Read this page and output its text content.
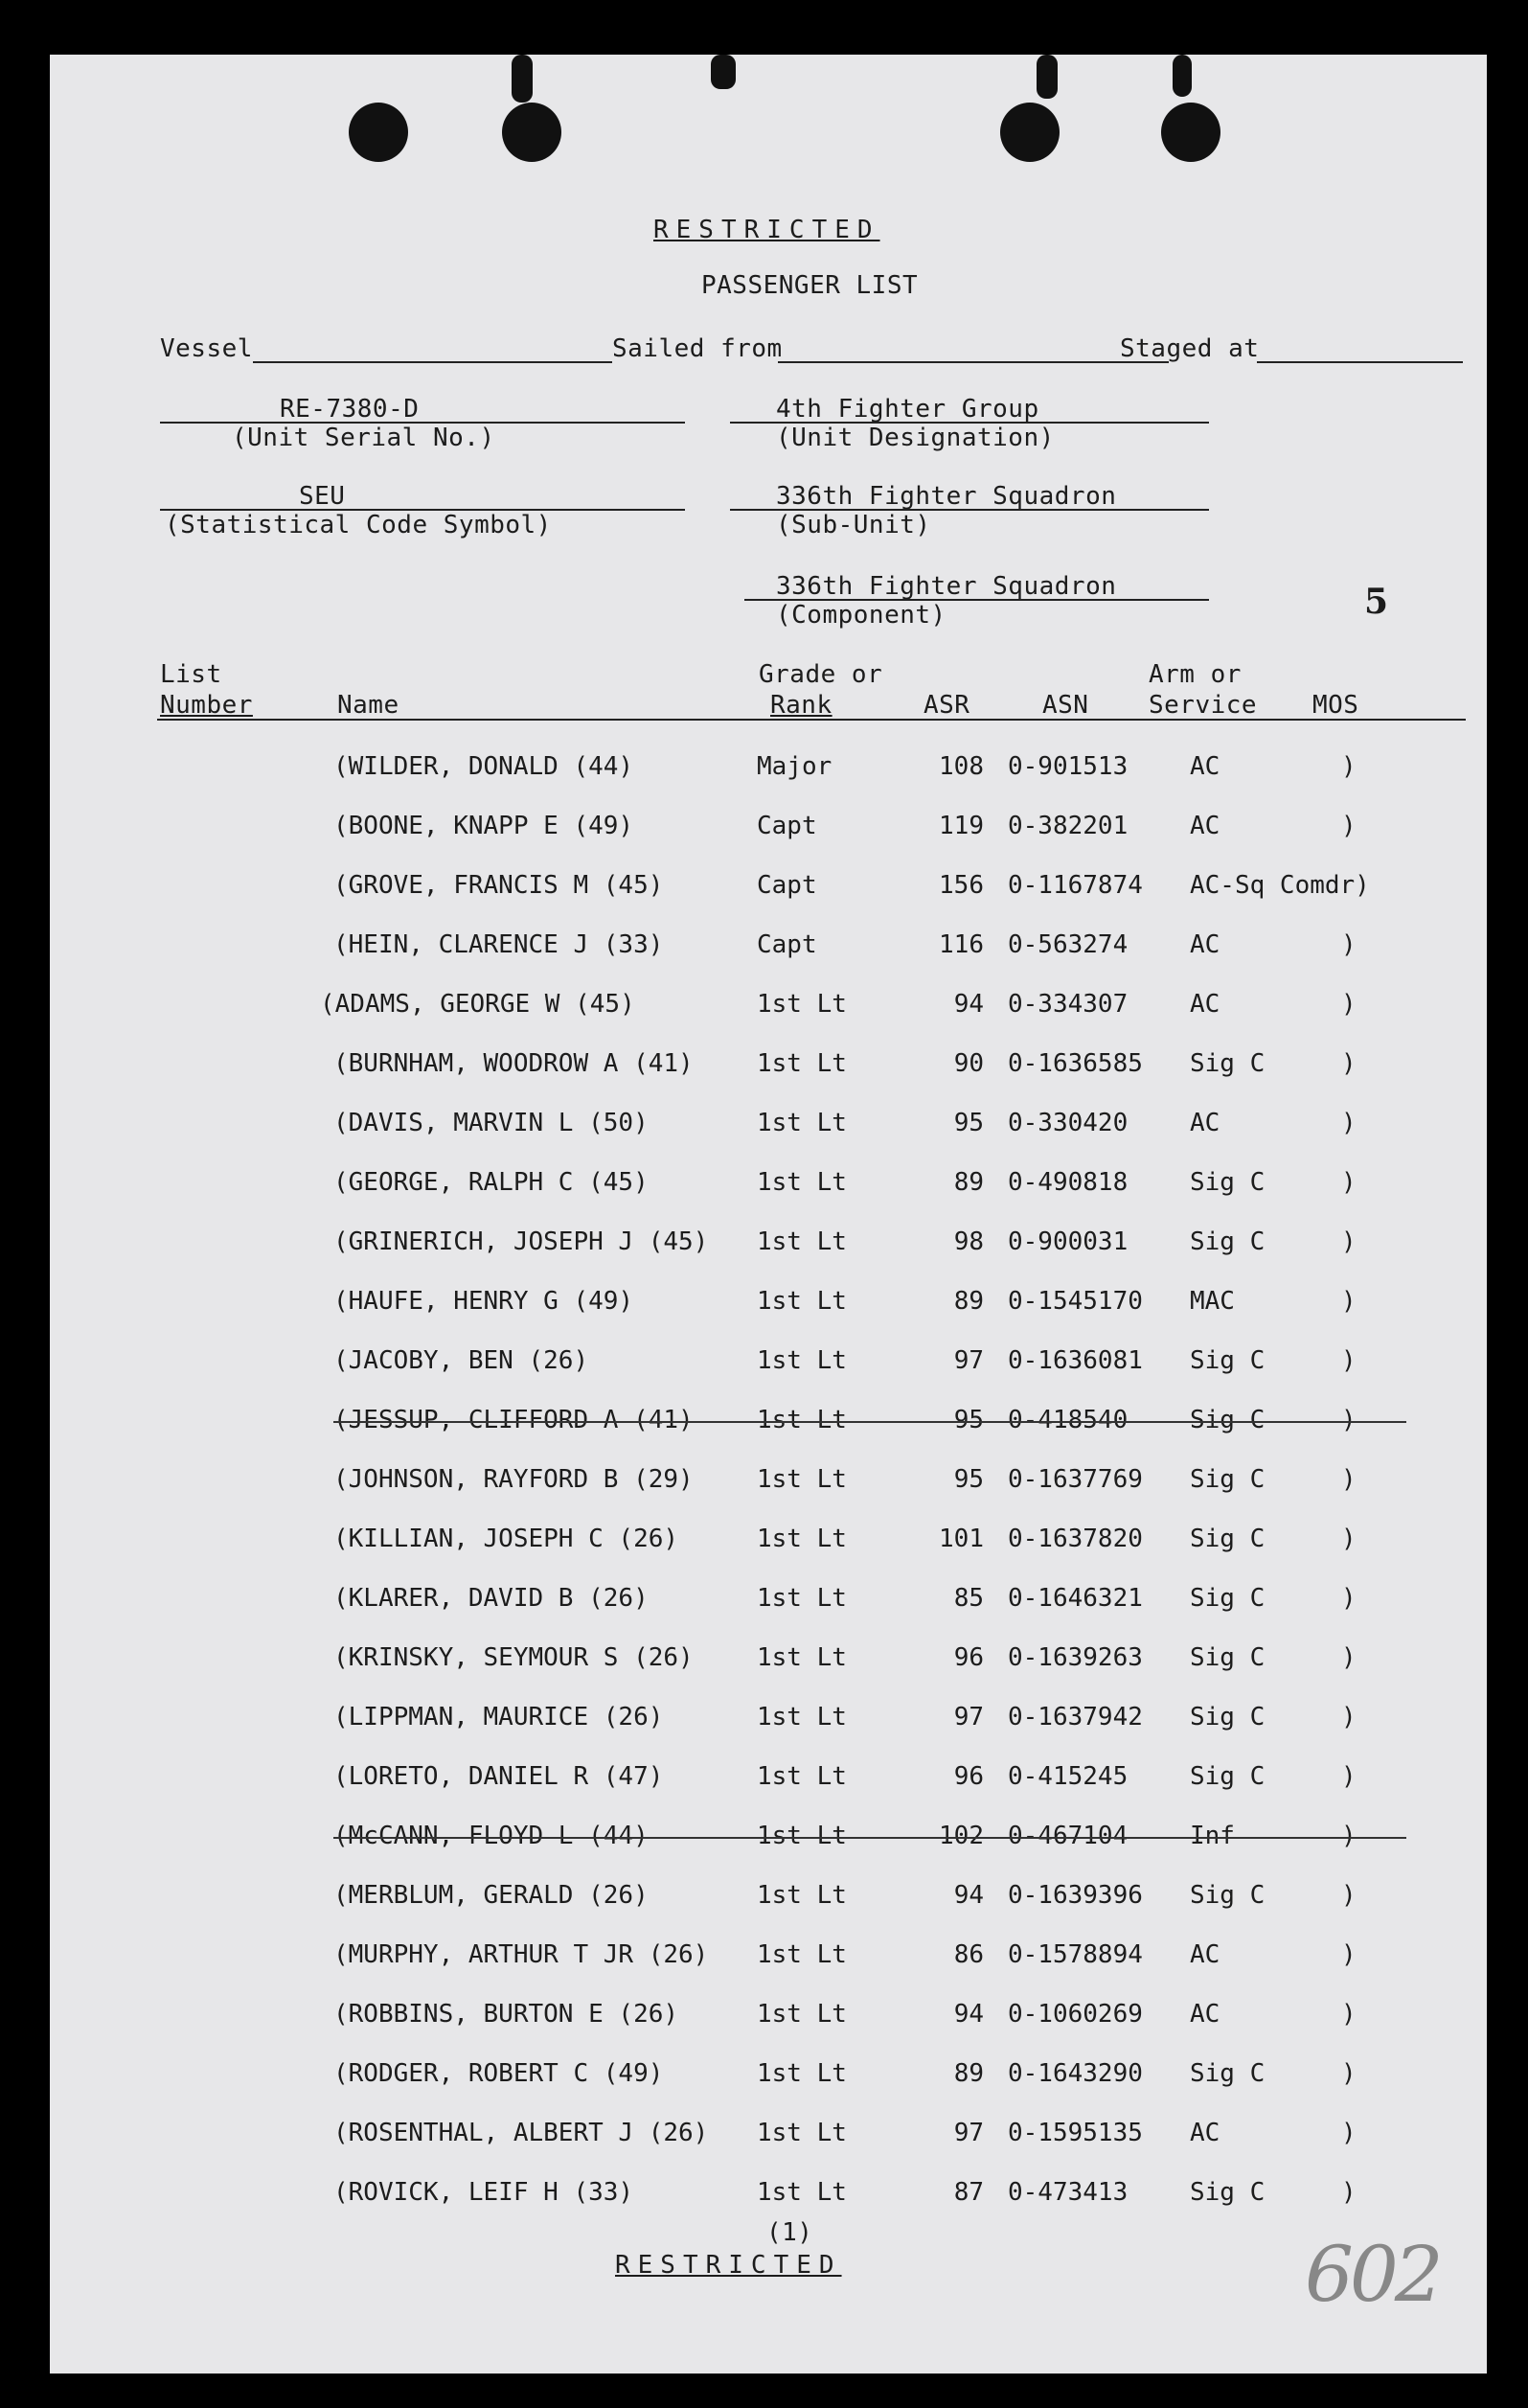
RESTRICTED
PASSENGER LIST
Vessel	Sailed from	Staged at
RE-7380-D
(Unit Serial No.)
4th Fighter Group
(Unit Designation)
SEU
(Statistical Code Symbol)
336th Fighter Squadron
(Sub-Unit)
336th Fighter Squadron
(Component)	5
List
Number	Name
Grade or
Rank	ASR	ASN
Arm or
Service MOS
(WILDER, DONALD (44)	Major	108 0-901513 AC	)
(BOONE, KNAPP E (49)	Capt	119 0-382201 AC	)
(GROVE, FRANCIS M (45)	Capt	156 0-1167874 AC-Sq Comdr)
(HEIN, CLARENCE J (33)	Capt	116 0-563274 AC	)
(ADAMS, GEORGE W (45)	1st Lt	94 0-334307 AC	)
(BURNHAM, WOODROW A (41)	1st Lt	90 0-1636585 Sig C	)
(DAVIS, MARVIN L (50)	1st Lt	95 0-330420 AC	)
(GEORGE, RALPH C (45)	1st Lt	89 0-490818 Sig C	)
(GRINERICH, JOSEPH J (45) 1st Lt	98 0-900031 Sig C	)
(HAUFE, HENRY G (49)	1st Lt	89 0-1545170 MAC	)
(JACOBY, BEN (26)	1st Lt	97 0-1636081 Sig C	)
(JESSUP, CLIFFORD A (41)	1st Lt	95 0-418540 Sig C	)
(JOHNSON, RAYFORD B (29)	1st Lt	95 0-1637769 Sig C	)
(KILLIAN, JOSEPH C (26)	1st Lt	101 0-1637820 Sig C	)
(KLARER, DAVID B (26)	1st Lt	85 0-1646321 Sig C	)
(KRINSKY, SEYMOUR S (26)	1st Lt	96 0-1639263 Sig C	)
(LIPPMAN, MAURICE (26)	1st Lt	97 0-1637942 Sig C	)
(LORETO, DANIEL R (47)	1st Lt	96 0-415245 Sig C	)
(McCANN, FLOYD L (44)	1st Lt	102 0-467104 Inf	)
(MERBLUM, GERALD (26)	1st Lt	94 0-1639396 Sig C	)
(MURPHY, ARTHUR T JR (26) 1st Lt	86 0-1578894 AC	)
(ROBBINS, BURTON E (26)	1st Lt	94 0-1060269 AC	)
(RODGER, ROBERT C (49)	1st Lt	89 0-1643290 Sig C	)
(ROSENTHAL, ALBERT J (26) 1st Lt	97 0-1595135 AC	)
(ROVICK, LEIF H (33)	1st Lt	87 0-473413 Sig C	)
(1)
RESTRICTED	602
